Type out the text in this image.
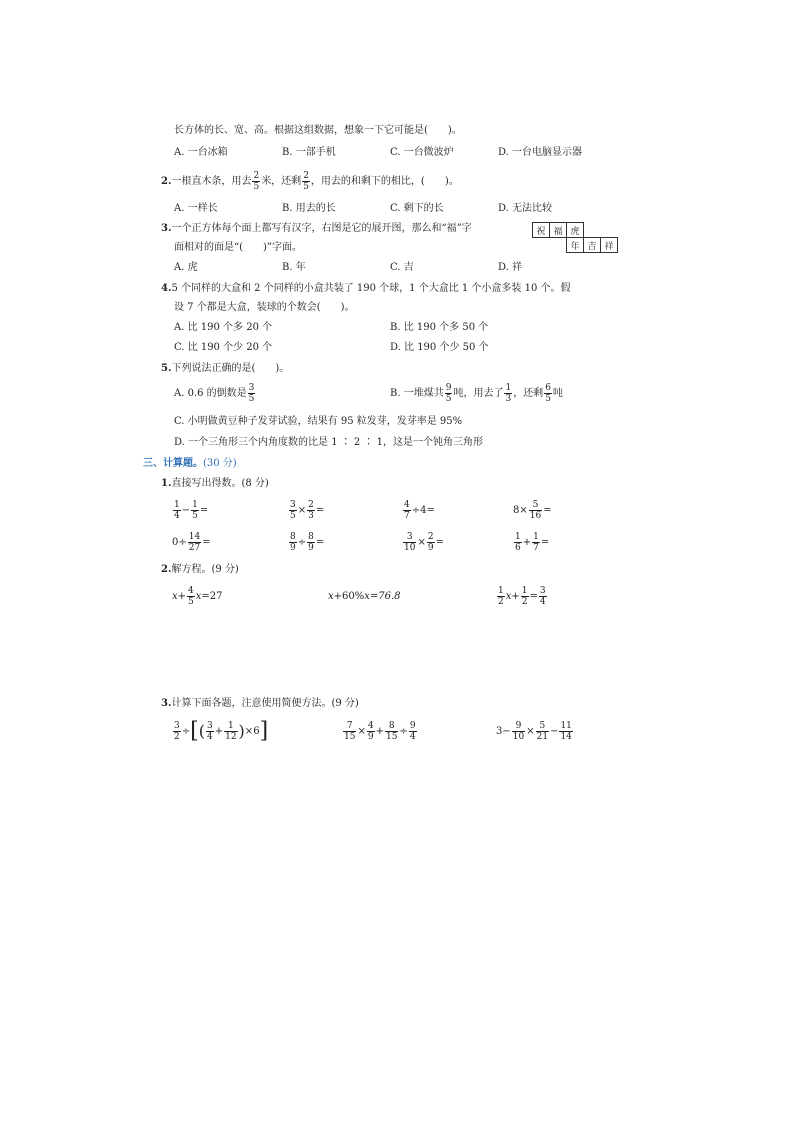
长方体的长、宽、高。根据这组数据，想象一下它可能是(　　)。
A. 一台冰箱	B. 一部手机	C. 一台微波炉	D. 一台电脑显示器
2.一根直木条，用去 $\frac{2}{5}$ 米，还剩 $\frac{2}{5}$ ，用去的和剩下的相比，(　　)。
A. 一样长	B. 用去的长	C. 剩下的长	D. 无法比较
3.一个正方体每个面上都写有汉字，右图是它的展开图，那么和“福”字
面相对的面是“(　　)”字面。
祝	福	虎		
		年	吉	祥
A. 虎	B. 年	C. 吉	D. 祥
4.5 个同样的大盒和 2 个同样的小盒共装了 190 个球，1 个大盒比 1 个小盒多装 10 个。假
设 7 个都是大盒，装球的个数会(　　)。
A. 比 190 个多 20 个	B. 比 190 个多 50 个
C. 比 190 个少 20 个	D. 比 190 个少 50 个
5.下列说法正确的是(　　)。
A. 0.6 的倒数是 $\frac{3}{5}$	B. 一堆煤共 $\frac{9}{5}$ 吨，用去了 $\frac{1}{3}$ ，还剩 $\frac{6}{5}$ 吨
C. 小明做黄豆种子发芽试验，结果有 95 粒发芽，发芽率是 95%
D. 一个三角形三个内角度数的比是 1 ∶ 2 ∶ 1，这是一个钝角三角形
三、计算题。(30 分)
1.直接写出得数。(8 分)
$\frac{1}{4} - \frac{1}{5}$ =	$\frac{3}{5} \times \frac{2}{3}$ =	$\frac{4}{7} \div 4=$	$8\times \frac{5}{16}$ =
$0\div \frac{14}{27}$ =	$\frac{8}{9} \div \frac{8}{9}$ =	$\frac{3}{10} \times \frac{2}{9}$ =	$\frac{1}{6} + \frac{1}{7}$ =
2.解方程。(9 分)
$x+ \frac{4}{5} x=27$	x+60%x=76.8	$\frac{1}{2} x+ \frac{1}{2} = \frac{3}{4}$
3.计算下面各题，注意使用简便方法。(9 分)
$\frac{3}{2}$ ÷[( $\frac{3}{4} + \frac{1}{12} )\times 6$]	$\frac{7}{15} \times \frac{4}{9} + \frac{8}{15} \div \frac{9}{4}$	$3- \frac{9}{10} \times \frac{5}{21} - \frac{11}{14}$
